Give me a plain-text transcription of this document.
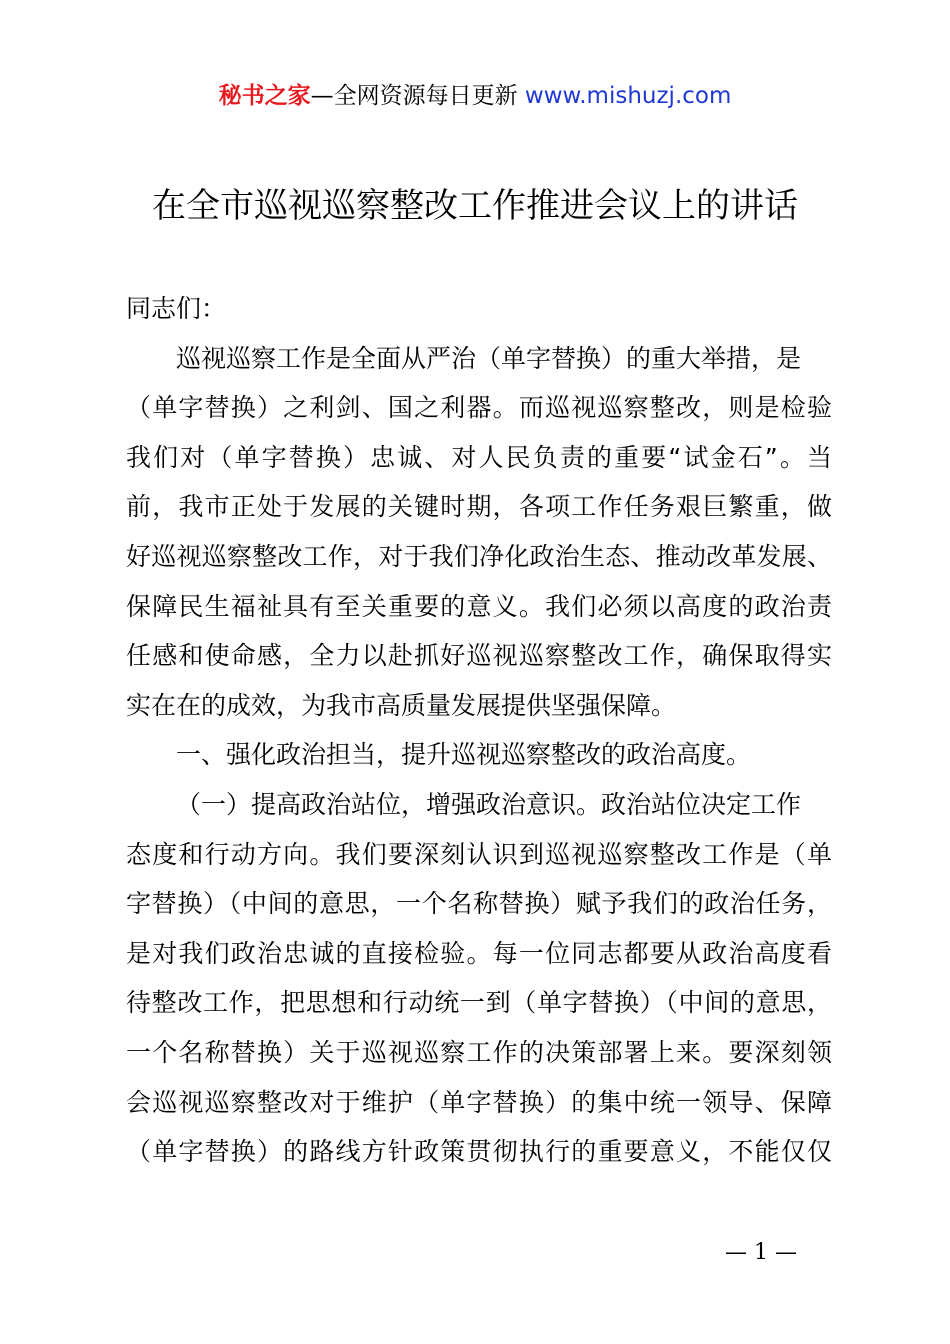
秘书之家—全网资源每日更新 www.mishuzj.com
在全市巡视巡察整改工作推进会议上的讲话
同志们：
巡视巡察工作是全面从严治（单字替换）的重大举措，是
（单字替换）之利剑、国之利器。而巡视巡察整改，则是检验
我们对（单字替换）忠诚、对人民负责的重要“试金石”。当
前，我市正处于发展的关键时期，各项工作任务艰巨繁重，做
好巡视巡察整改工作，对于我们净化政治生态、推动改革发展、
保障民生福祉具有至关重要的意义。我们必须以高度的政治责
任感和使命感，全力以赴抓好巡视巡察整改工作，确保取得实
实在在的成效，为我市高质量发展提供坚强保障。
一、强化政治担当，提升巡视巡察整改的政治高度。
（一）提高政治站位，增强政治意识。政治站位决定工作
态度和行动方向。我们要深刻认识到巡视巡察整改工作是（单
字替换）（中间的意思，一个名称替换）赋予我们的政治任务，
是对我们政治忠诚的直接检验。每一位同志都要从政治高度看
待整改工作，把思想和行动统一到（单字替换）（中间的意思，
一个名称替换）关于巡视巡察工作的决策部署上来。要深刻领
会巡视巡察整改对于维护（单字替换）的集中统一领导、保障
（单字替换）的路线方针政策贯彻执行的重要意义，不能仅仅
— 1 —
